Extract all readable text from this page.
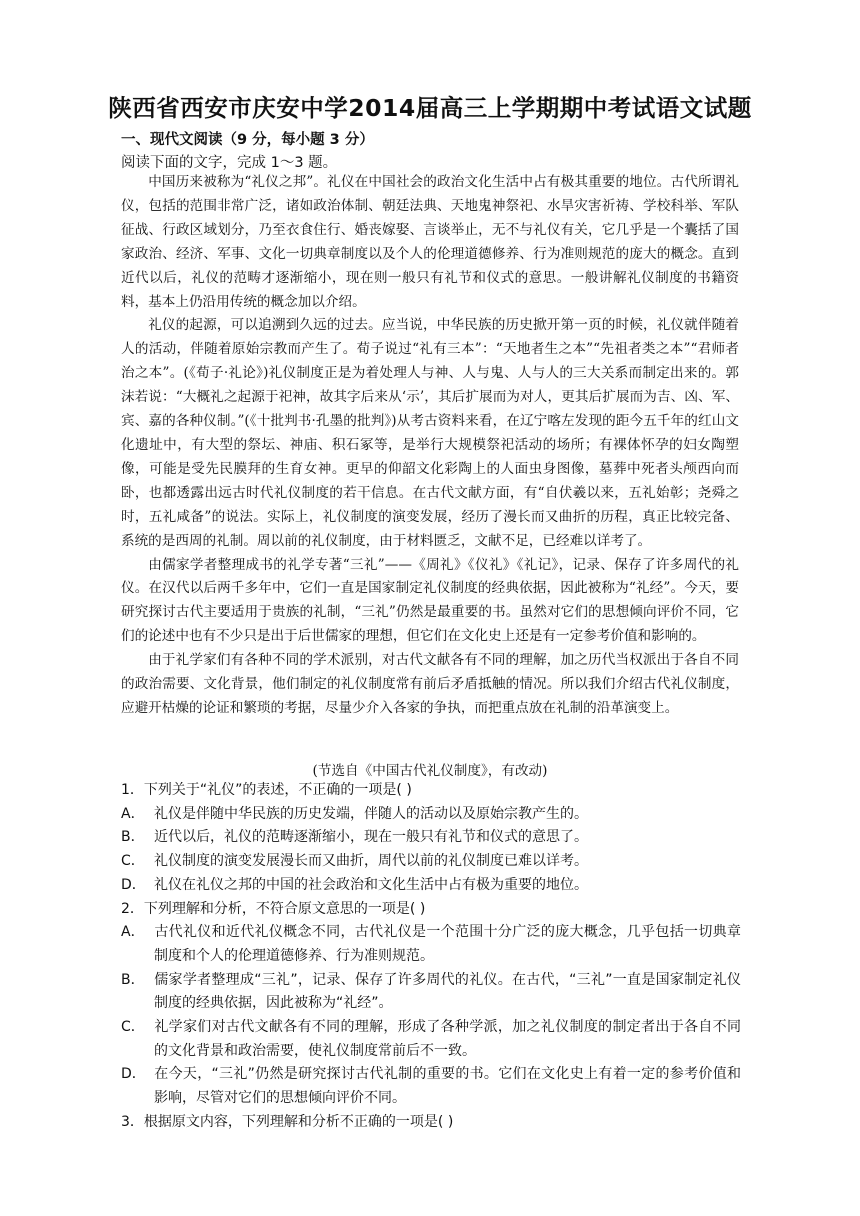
陕西省西安市庆安中学2014届高三上学期期中考试语文试题
一、现代文阅读（9 分，每小题 3 分）
阅读下面的文字，完成 1～3 题。

中国历来被称为“礼仪之邦”。礼仪在中国社会的政治文化生活中占有极其重要的地位。古代所谓礼仪，包括的范围非常广泛，诸如政治体制、朝廷法典、天地鬼神祭祀、水旱灾害祈祷、学校科举、军队征战、行政区域划分，乃至衣食住行、婚丧嫁娶、言谈举止，无不与礼仪有关，它几乎是一个囊括了国家政治、经济、军事、文化一切典章制度以及个人的伦理道德修养、行为准则规范的庞大的概念。直到近代以后，礼仪的范畴才逐渐缩小，现在则一般只有礼节和仪式的意思。一般讲解礼仪制度的书籍资料，基本上仍沿用传统的概念加以介绍。

礼仪的起源，可以追溯到久远的过去。应当说，中华民族的历史掀开第一页的时候，礼仪就伴随着人的活动，伴随着原始宗教而产生了。荀子说过“礼有三本”：“天地者生之本”“先祖者类之本”“君师者治之本”。(《荀子·礼论》)礼仪制度正是为着处理人与神、人与鬼、人与人的三大关系而制定出来的。郭沫若说：“大概礼之起源于祀神，故其字后来从‘示’，其后扩展而为对人，更其后扩展而为吉、凶、军、宾、嘉的各种仪制。”(《十批判书·孔墨的批判》)从考古资料来看，在辽宁喀左发现的距今五千年的红山文化遗址中，有大型的祭坛、神庙、积石冢等，是举行大规模祭祀活动的场所；有裸体怀孕的妇女陶塑像，可能是受先民膜拜的生育女神。更早的仰韶文化彩陶上的人面虫身图像，墓葬中死者头颅西向而卧，也都透露出远古时代礼仪制度的若干信息。在古代文献方面，有“自伏羲以来，五礼始彰；尧舜之时，五礼咸备”的说法。实际上，礼仪制度的演变发展，经历了漫长而又曲折的历程，真正比较完备、系统的是西周的礼制。周以前的礼仪制度，由于材料匮乏，文献不足，已经难以详考了。

由儒家学者整理成书的礼学专著“三礼”——《周礼》《仪礼》《礼记》，记录、保存了许多周代的礼仪。在汉代以后两千多年中，它们一直是国家制定礼仪制度的经典依据，因此被称为“礼经”。今天，要研究探讨古代主要适用于贵族的礼制，“三礼”仍然是最重要的书。虽然对它们的思想倾向评价不同，它们的论述中也有不少只是出于后世儒家的理想，但它们在文化史上还是有一定参考价值和影响的。

由于礼学家们有各种不同的学术派别，对古代文献各有不同的理解，加之历代当权派出于各自不同的政治需要、文化背景，他们制定的礼仪制度常有前后矛盾抵触的情况。所以我们介绍古代礼仪制度，应避开枯燥的论证和繁琐的考据，尽量少介入各家的争执，而把重点放在礼制的沿革演变上。

(节选自《中国古代礼仪制度》，有改动)

1．下列关于“礼仪”的表述，不正确的一项是( )

A． 礼仪是伴随中华民族的历史发端，伴随人的活动以及原始宗教产生的。

B． 近代以后，礼仪的范畴逐渐缩小，现在一般只有礼节和仪式的意思了。

C． 礼仪制度的演变发展漫长而又曲折，周代以前的礼仪制度已难以详考。

D． 礼仪在礼仪之邦的中国的社会政治和文化生活中占有极为重要的地位。

2．下列理解和分析，不符合原文意思的一项是( )

A． 古代礼仪和近代礼仪概念不同，古代礼仪是一个范围十分广泛的庞大概念，几乎包括一切典章制度和个人的伦理道德修养、行为准则规范。

B． 儒家学者整理成“三礼”，记录、保存了许多周代的礼仪。在古代，“三礼”一直是国家制定礼仪制度的经典依据，因此被称为“礼经”。

C． 礼学家们对古代文献各有不同的理解，形成了各种学派，加之礼仪制度的制定者出于各自不同的文化背景和政治需要，使礼仪制度常前后不一致。

D． 在今天，“三礼”仍然是研究探讨古代礼制的重要的书。它们在文化史上有着一定的参考价值和影响，尽管对它们的思想倾向评价不同。

3．根据原文内容，下列理解和分析不正确的一项是( )
